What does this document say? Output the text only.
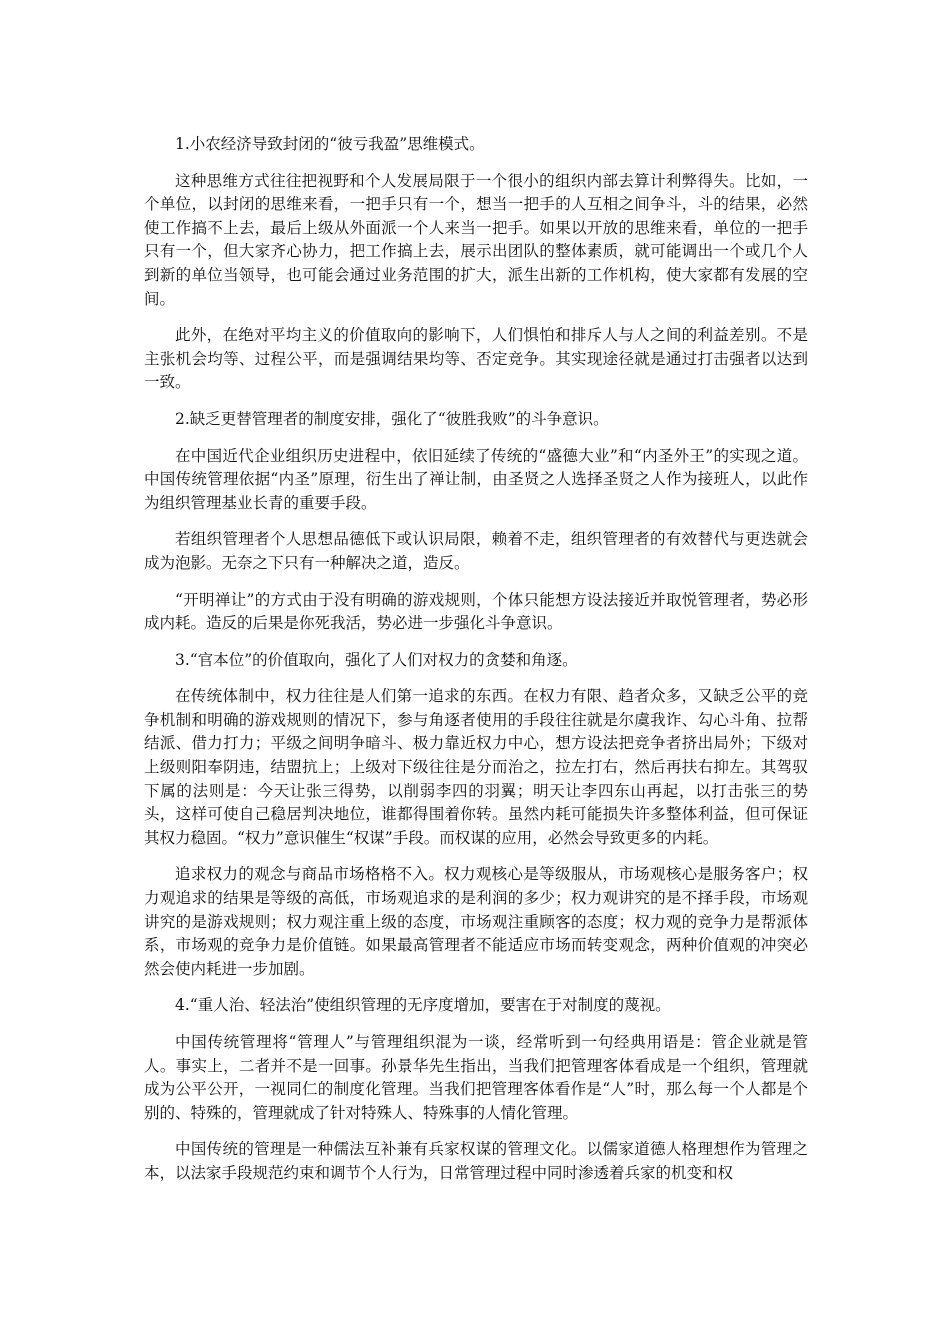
1.小农经济导致封闭的“彼亏我盈”思维模式。

这种思维方式往往把视野和个人发展局限于一个很小的组织内部去算计利弊得失。比如，一个单位，以封闭的思维来看，一把手只有一个，想当一把手的人互相之间争斗，斗的结果，必然使工作搞不上去，最后上级从外面派一个人来当一把手。如果以开放的思维来看，单位的一把手只有一个，但大家齐心协力，把工作搞上去，展示出团队的整体素质，就可能调出一个或几个人到新的单位当领导，也可能会通过业务范围的扩大，派生出新的工作机构，使大家都有发展的空间。

此外，在绝对平均主义的价值取向的影响下，人们惧怕和排斥人与人之间的利益差别。不是主张机会均等、过程公平，而是强调结果均等、否定竞争。其实现途径就是通过打击强者以达到一致。

2.缺乏更替管理者的制度安排，强化了“彼胜我败”的斗争意识。

在中国近代企业组织历史进程中，依旧延续了传统的“盛德大业”和“内圣外王”的实现之道。中国传统管理依据“内圣”原理，衍生出了禅让制，由圣贤之人选择圣贤之人作为接班人，以此作为组织管理基业长青的重要手段。

若组织管理者个人思想品德低下或认识局限，赖着不走，组织管理者的有效替代与更迭就会成为泡影。无奈之下只有一种解决之道，造反。

“开明禅让”的方式由于没有明确的游戏规则，个体只能想方设法接近并取悦管理者，势必形成内耗。造反的后果是你死我活，势必进一步强化斗争意识。

3.“官本位”的价值取向，强化了人们对权力的贪婪和角逐。

在传统体制中，权力往往是人们第一追求的东西。在权力有限、趋者众多，又缺乏公平的竞争机制和明确的游戏规则的情况下，参与角逐者使用的手段往往就是尔虞我诈、勾心斗角、拉帮结派、借力打力；平级之间明争暗斗、极力靠近权力中心，想方设法把竞争者挤出局外；下级对上级则阳奉阴违，结盟抗上；上级对下级往往是分而治之，拉左打右，然后再扶右抑左。其驾驭下属的法则是：今天让张三得势，以削弱李四的羽翼；明天让李四东山再起，以打击张三的势头，这样可使自己稳居判决地位，谁都得围着你转。虽然内耗可能损失许多整体利益，但可保证其权力稳固。“权力”意识催生“权谋”手段。而权谋的应用，必然会导致更多的内耗。

追求权力的观念与商品市场格格不入。权力观核心是等级服从，市场观核心是服务客户；权力观追求的结果是等级的高低，市场观追求的是利润的多少；权力观讲究的是不择手段，市场观讲究的是游戏规则；权力观注重上级的态度，市场观注重顾客的态度；权力观的竞争力是帮派体系，市场观的竞争力是价值链。如果最高管理者不能适应市场而转变观念，两种价值观的冲突必然会使内耗进一步加剧。

4.“重人治、轻法治”使组织管理的无序度增加，要害在于对制度的蔑视。

中国传统管理将“管理人”与管理组织混为一谈，经常听到一句经典用语是：管企业就是管人。事实上，二者并不是一回事。孙景华先生指出，当我们把管理客体看成是一个组织，管理就成为公平公开，一视同仁的制度化管理。当我们把管理客体看作是“人”时，那么每一个人都是个别的、特殊的，管理就成了针对特殊人、特殊事的人情化管理。

中国传统的管理是一种儒法互补兼有兵家权谋的管理文化。以儒家道德人格理想作为管理之本，以法家手段规范约束和调节个人行为，日常管理过程中同时渗透着兵家的机变和权
